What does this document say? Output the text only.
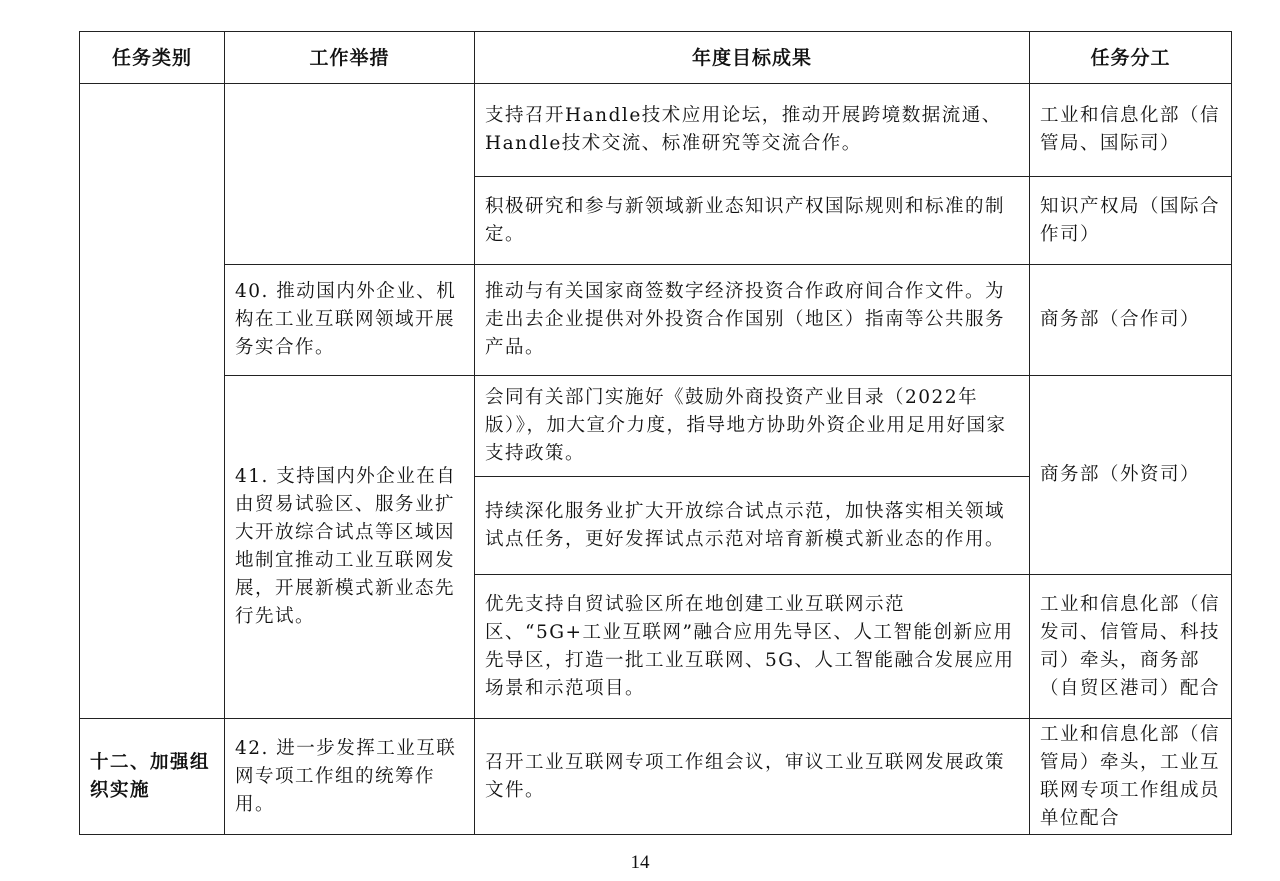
任务类别	工作举措	年度目标成果	任务分工
		支持召开Handle技术应用论坛，推动开展跨境数据流通、Handle技术交流、标准研究等交流合作。	工业和信息化部（信管局、国际司）
		积极研究和参与新领域新业态知识产权国际规则和标准的制定。	知识产权局（国际合作司）
	40. 推动国内外企业、机构在工业互联网领域开展务实合作。	推动与有关国家商签数字经济投资合作政府间合作文件。为走出去企业提供对外投资合作国别（地区）指南等公共服务产品。	商务部（合作司）
	41. 支持国内外企业在自由贸易试验区、服务业扩大开放综合试点等区域因地制宜推动工业互联网发展，开展新模式新业态先行先试。	会同有关部门实施好《鼓励外商投资产业目录（2022年版）》，加大宣介力度，指导地方协助外资企业用足用好国家支持政策。	商务部（外资司）
		持续深化服务业扩大开放综合试点示范，加快落实相关领域试点任务，更好发挥试点示范对培育新模式新业态的作用。	
		优先支持自贸试验区所在地创建工业互联网示范区、“5G+工业互联网”融合应用先导区、人工智能创新应用先导区，打造一批工业互联网、5G、人工智能融合发展应用场景和示范项目。	工业和信息化部（信发司、信管局、科技司）牵头，商务部（自贸区港司）配合
十二、加强组织实施	42. 进一步发挥工业互联网专项工作组的统筹作用。	召开工业互联网专项工作组会议，审议工业互联网发展政策文件。	工业和信息化部（信管局）牵头，工业互联网专项工作组成员单位配合
14
